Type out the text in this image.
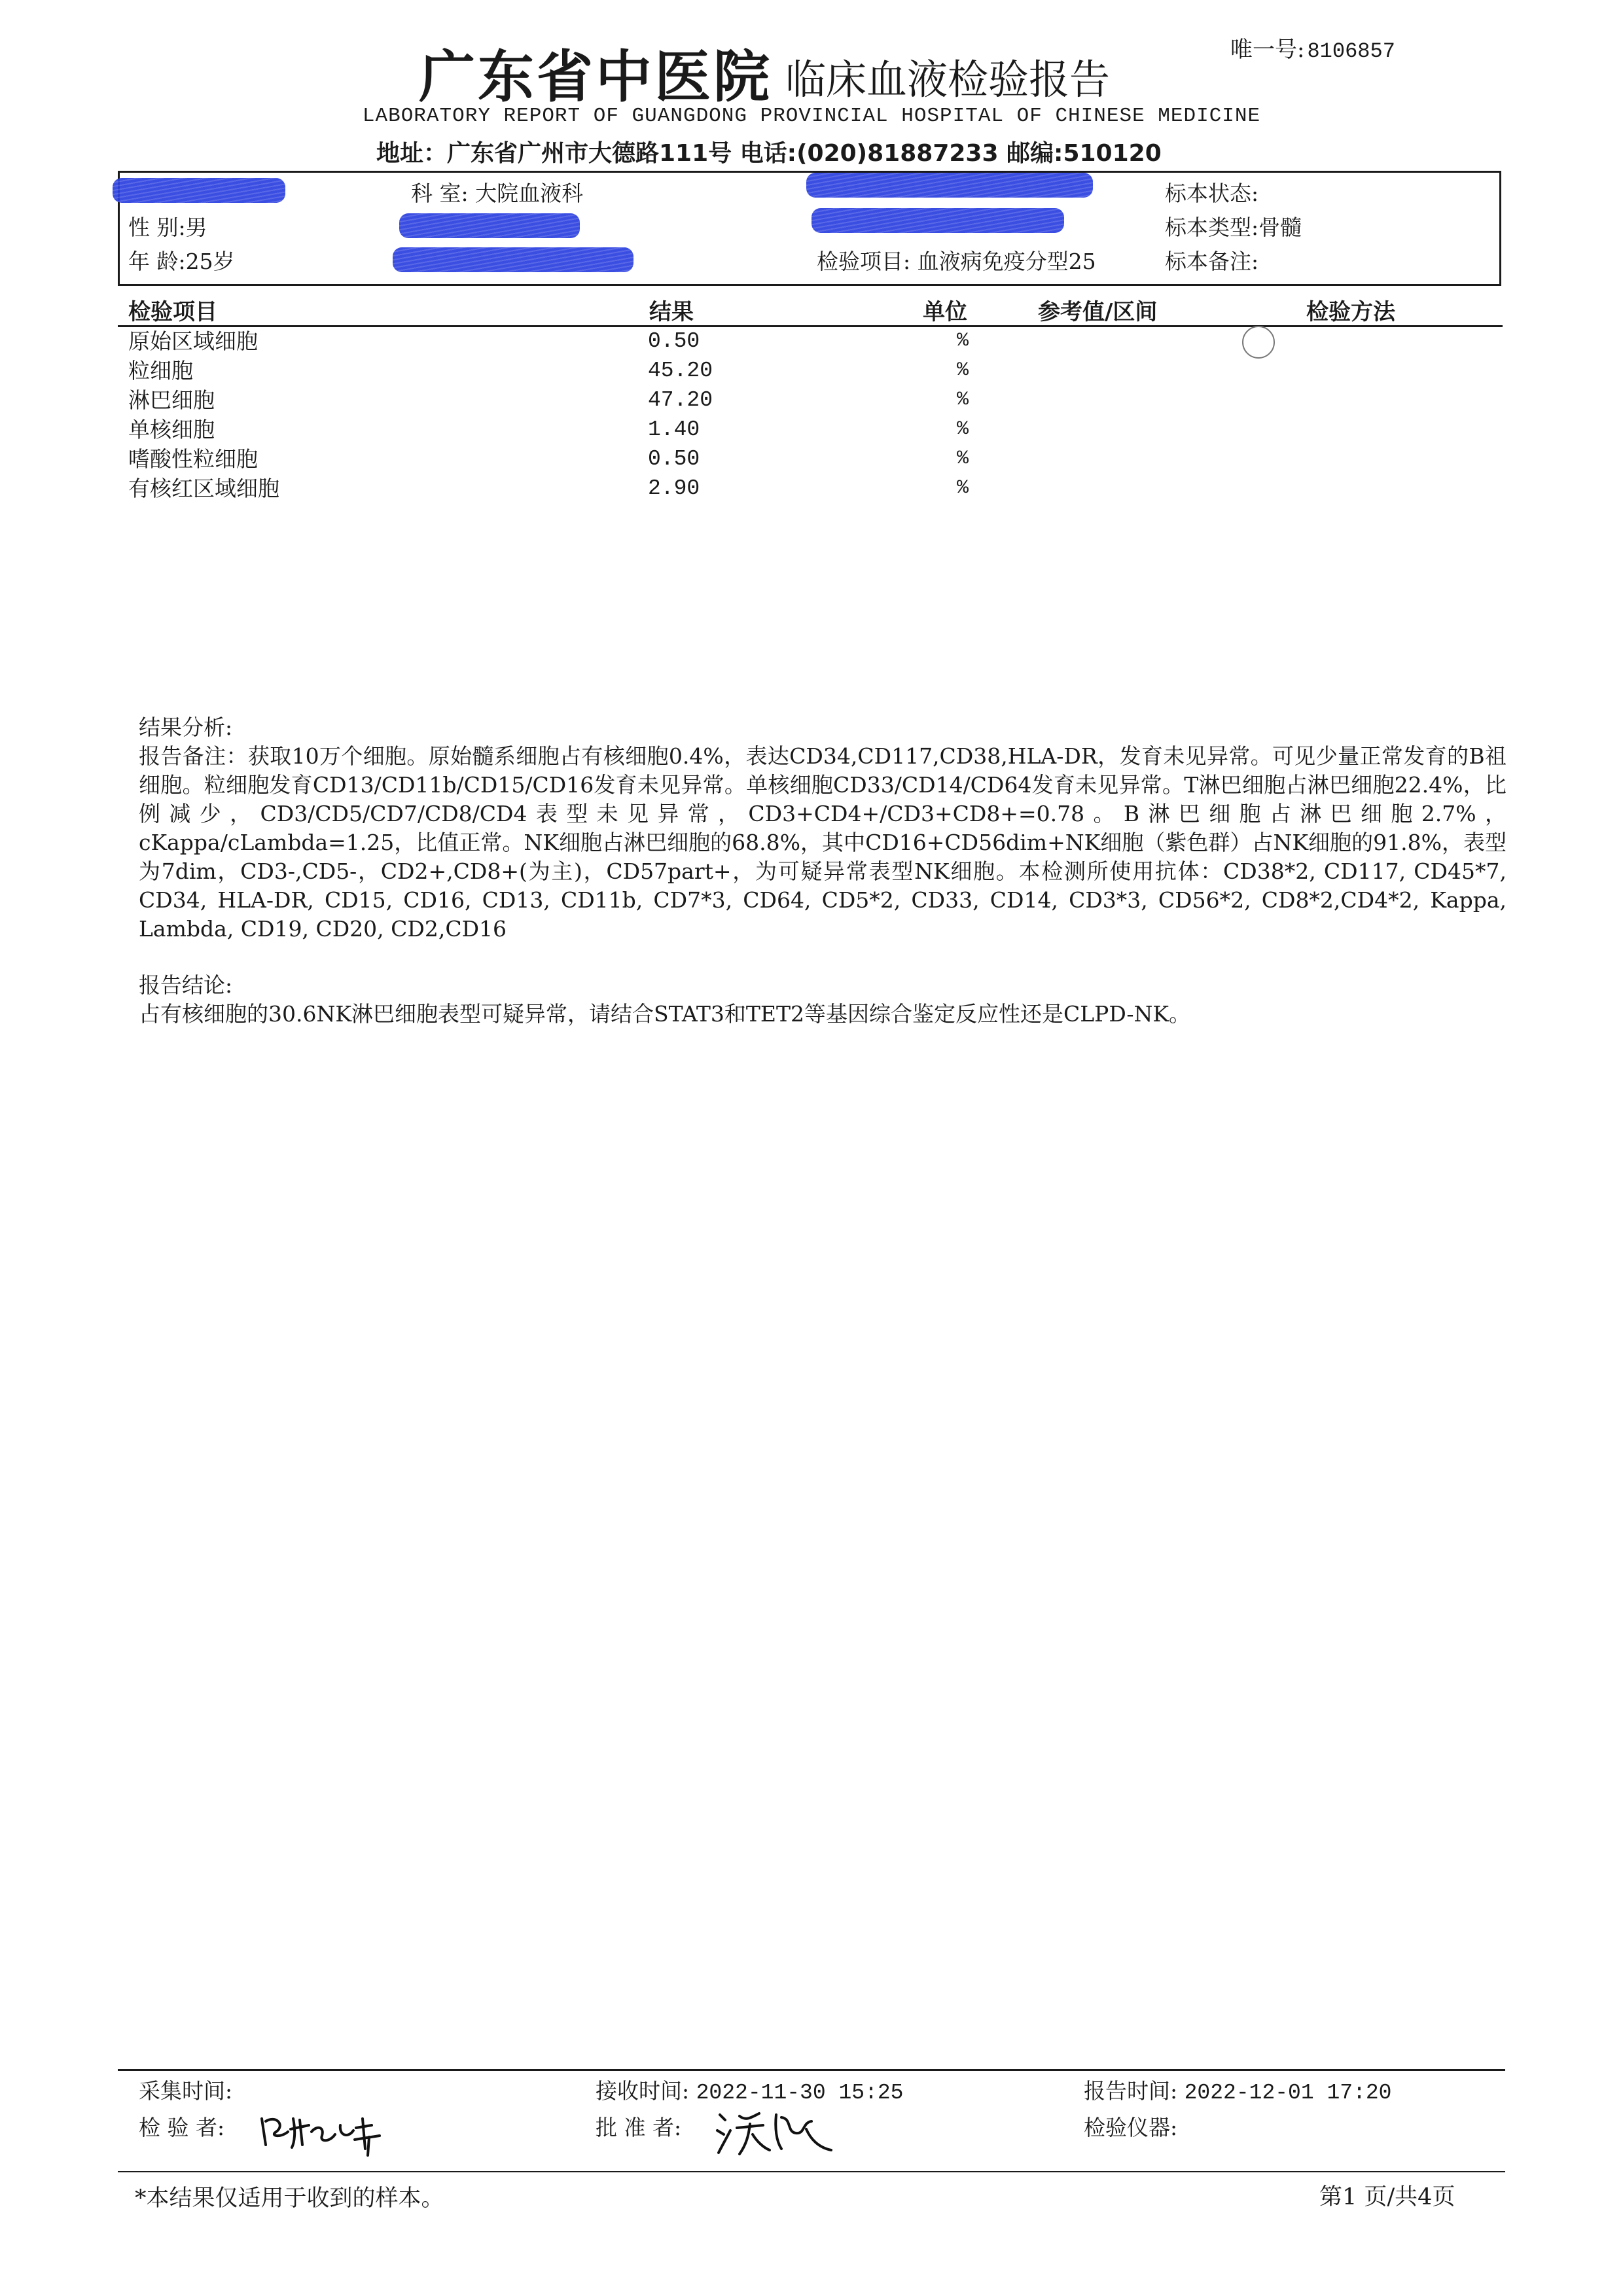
广东省中医院 临床血液检验报告
唯一号: 8106857
LABORATORY REPORT OF GUANGDONG PROVINCIAL HOSPITAL OF CHINESE MEDICINE
地址：广东省广州市大德路111号 电话:(020)81887233 邮编:510120
科 室: 大院血液科	标本状态:
性 别:男	标本类型:骨髓
年 龄:25岁	检验项目: 血液病免疫分型25	标本备注:
检验项目	结果	单位	参考值/区间	检验方法
原始区域细胞	0.50	%
粒细胞	45.20	%
淋巴细胞	47.20	%
单核细胞	1.40	%
嗜酸性粒细胞	0.50	%
有核红区域细胞	2.90	%

结果分析:

报告备注：获取10万个细胞。原始髓系细胞占有核细胞0.4%，表达CD34,CD117,CD38,HLA-DR，发育未见异常。可见少量正常发育的B祖细胞。粒细胞发育CD13/CD11b/CD15/CD16发育未见异常。单核细胞CD33/CD14/CD64发育未见异常。T淋巴细胞占淋巴细胞22.4%，比例减少，CD3/CD5/CD7/CD8/CD4表型未见异常，CD3+CD4+/CD3+CD8+=0.78。B淋巴细胞占淋巴细胞2.7%，cKappa/cLambda=1.25，比值正常。NK细胞占淋巴细胞的68.8%，其中CD16+CD56dim+NK细胞（紫色群）占NK细胞的91.8%，表型为7dim，CD3-,CD5-，CD2+,CD8+(为主)，CD57part+，为可疑异常表型NK细胞。本检测所使用抗体：CD38*2, CD117, CD45*7, CD34, HLA-DR, CD15, CD16, CD13, CD11b, CD7*3, CD64, CD5*2, CD33, CD14, CD3*3, CD56*2, CD8*2,CD4*2, Kappa, Lambda, CD19, CD20, CD2,CD16

报告结论:

占有核细胞的30.6NK淋巴细胞表型可疑异常，请结合STAT3和TET2等基因综合鉴定反应性还是CLPD-NK。

采集时间:	接收时间: 2022-11-30 15:25	报告时间: 2022-12-01 17:20
检 验 者:	批 准 者:	检验仪器:
*本结果仅适用于收到的样本。	第1 页/共4页
